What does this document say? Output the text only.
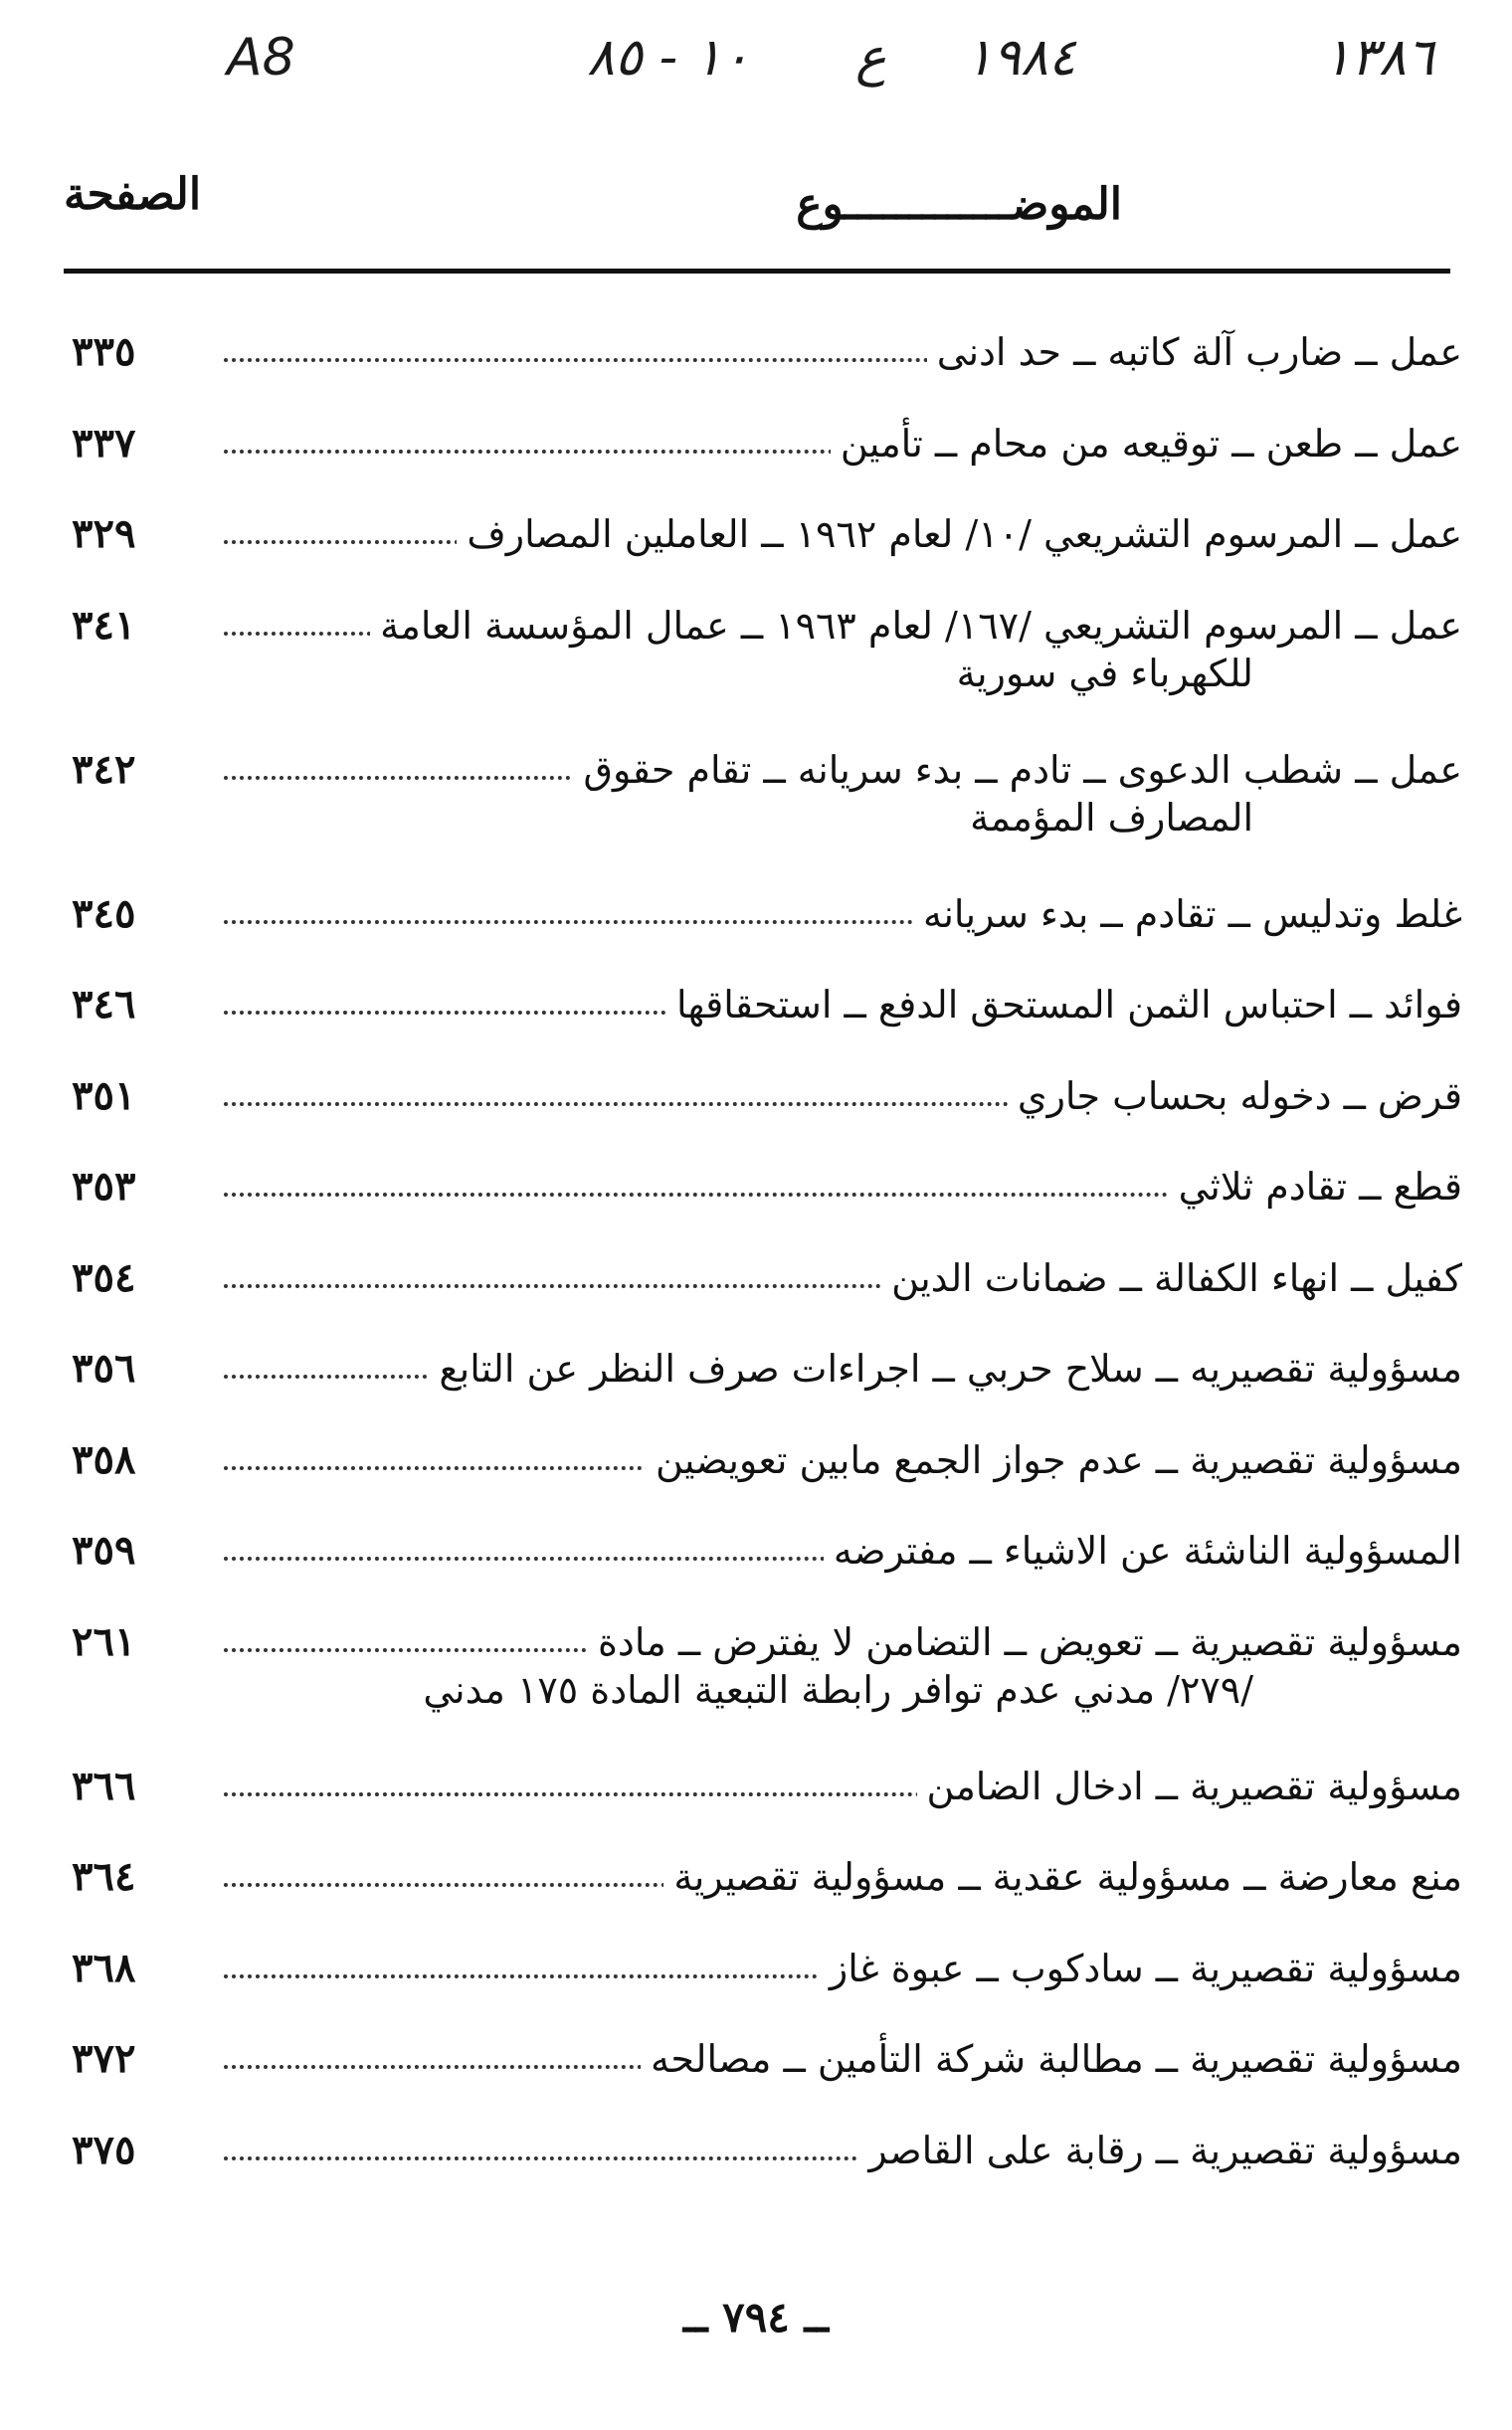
A8	١٠ - ٨٥ ع ١٩٨٤	١٣٨٦
الموضـــــــــــــوع
الصفحة
عمل ــ ضارب آلة كاتبه ــ حد ادنى
٣٣٥
عمل ــ طعن ــ توقيعه من محام ــ تأمين
٣٣٧
عمل ــ المرسوم التشريعي /١٠/ لعام ١٩٦٢ ــ العاملين المصارف
٣٢٩
عمل ــ المرسوم التشريعي /١٦٧/ لعام ١٩٦٣ ــ عمال المؤسسة العامة
للكهرباء في سورية
٣٤١
عمل ــ شطب الدعوى ــ تادم ــ بدء سريانه ــ تقام حقوق
المصارف المؤممة
٣٤٢
غلط وتدليس ــ تقادم ــ بدء سريانه
٣٤٥
فوائد ــ احتباس الثمن المستحق الدفع ــ استحقاقها
٣٤٦
قرض ــ دخوله بحساب جاري
٣٥١
قطع ــ تقادم ثلاثي
٣٥٣
كفيل ــ انهاء الكفالة ــ ضمانات الدين
٣٥٤
مسؤولية تقصيريه ــ سلاح حربي ــ اجراءات صرف النظر عن التابع
٣٥٦
مسؤولية تقصيرية ــ عدم جواز الجمع مابين تعويضين
٣٥٨
المسؤولية الناشئة عن الاشياء ــ مفترضه
٣٥٩
مسؤولية تقصيرية ــ تعويض ــ التضامن لا يفترض ــ مادة
/٢٧٩/ مدني عدم توافر رابطة التبعية المادة ١٧٥ مدني
٢٦١
مسؤولية تقصيرية ــ ادخال الضامن
٣٦٦
منع معارضة ــ مسؤولية عقدية ــ مسؤولية تقصيرية
٣٦٤
مسؤولية تقصيرية ــ سادكوب ــ عبوة غاز
٣٦٨
مسؤولية تقصيرية ــ مطالبة شركة التأمين ــ مصالحه
٣٧٢
مسؤولية تقصيرية ــ رقابة على القاصر
٣٧٥
ــ ٧٩٤ ــ
